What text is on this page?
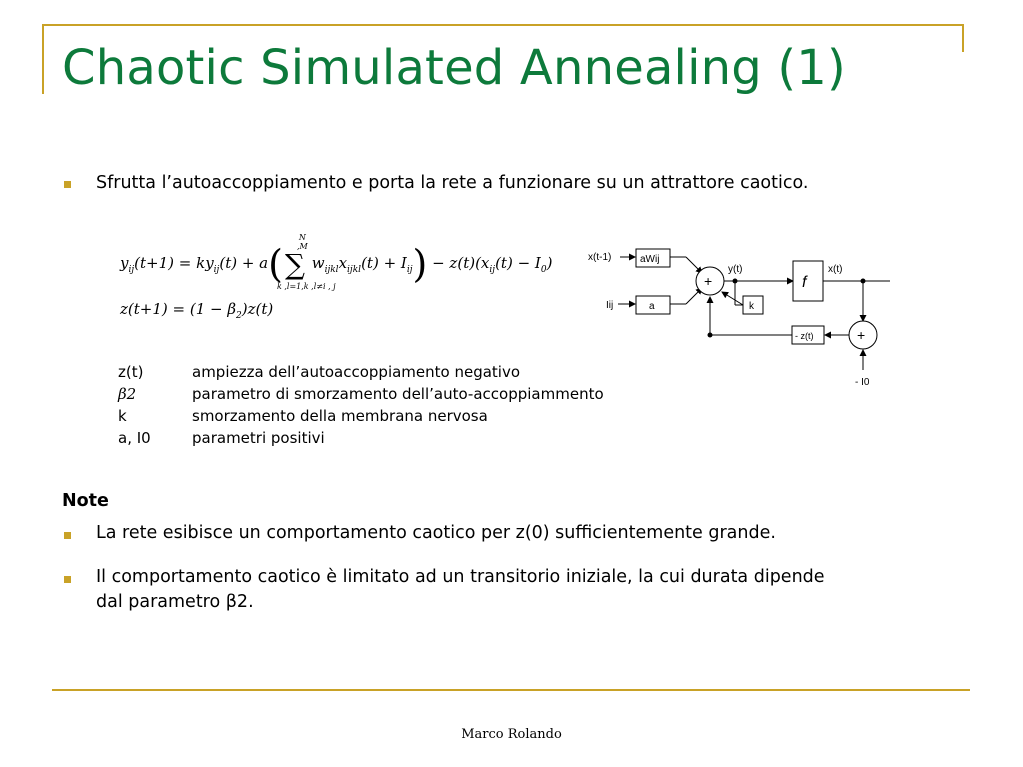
Chaotic Simulated Annealing (1)
Sfrutta l’autoaccoppiamento e porta la rete a funzionare su un attrattore caotico.
$y_{ij}(t+1) = ky_{ij}(t) + a$(
N ,M
∑
k ,l=1,k ,l≠i , j
$w_{ijkl}x_{ijkl}(t) + I_{ij}) - z(t)(x_{ij}(t) - I_0)$
$z(t+1) = (1 - \beta_2)z(t)$
x(t-1)	aWij
Iij	a
+
y(t)
k
f
x(t)
+
- I0
- z(t)
z(t)	ampiezza dell’autoaccoppiamento negativo
β2	parametro di smorzamento dell’auto-accoppiammento
k	smorzamento della membrana nervosa
a, I0	parametri positivi
Note
La rete esibisce un comportamento caotico per z(0) sufficientemente grande.
Il comportamento caotico è limitato ad un transitorio iniziale, la cui durata dipende
dal parametro β2.
Marco Rolando
